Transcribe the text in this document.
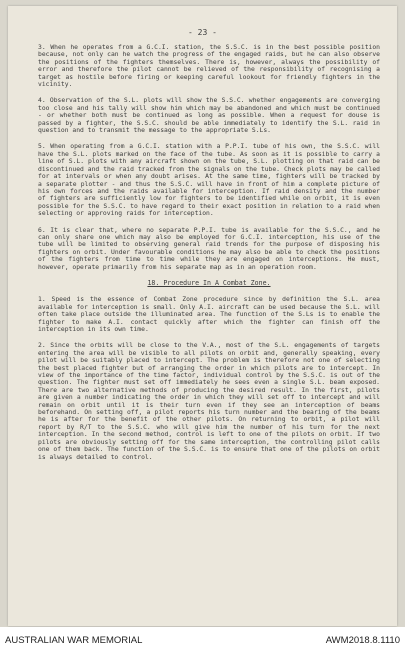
- 23 -

3. When he operates from a G.C.I. station, the S.S.C. is in the best possible position because, not only can he watch the progress of the engaged raids, but he can also observe the positions of the fighters themselves. There is, however, always the possibility of error and therefore the pilot cannot be relieved of the responsibility of recognising a target as hostile before firing or keeping careful lookout for friendly fighters in the vicinity.

4. Observation of the S.L. plots will show the S.S.C. whether engagements are converging too close and his tally will show him which may be abandoned and which must be continued - or whether both must be continued as long as possible. When a request for douse is passed by a fighter, the S.S.C. should be able immediately to identify the S.L. raid in question and to transmit the message to the appropriate S.Ls.

5. When operating from a G.C.I. station with a P.P.I. tube of his own, the S.S.C. will have the S.L. plots marked on the face of the tube. As soon as it is possible to carry a line of S.L. plots with any aircraft shown on the tube, S.L. plotting on that raid can be discontinued and the raid tracked from the signals on the tube. Check plots may be called for at intervals or when any doubt arises. At the same time, fighters will be tracked by a separate plotter - and thus the S.S.C. will have in front of him a complete picture of his own forces and the raids available for interception. If raid density and the number of fighters are sufficiently low for fighters to be identified while on orbit, it is even possible for the S.S.C. to have regard to their exact position in relation to a raid when selecting or approving raids for interception.

6. It is clear that, where no separate P.P.I. tube is available for the S.S.C., and he can only share one which may also be employed for G.C.I. interception, his use of the tube will be limited to observing general raid trends for the purpose of disposing his fighters on orbit. Under favourable conditions he may also be able to check the positions of the fighters from time to time while they are engaged on interceptions. He must, however, operate primarily from his separate map as in an operation room.

18. Procedure In A Combat Zone.

1. Speed is the essence of Combat Zone procedure since by definition the S.L. area available for interception is small. Only A.I. aircraft can be used because the S.L. will often take place outside the illuminated area. The function of the S.Ls is to enable the fighter to make A.I. contact quickly after which the fighter can finish off the interception in its own time.

2. Since the orbits will be close to the V.A., most of the S.L. engagements of targets entering the area will be visible to all pilots on orbit and, generally speaking, every pilot will be suitably placed to intercept. The problem is therefore not one of selecting the best placed fighter but of arranging the order in which pilots are to intercept. In view of the importance of the time factor, individual control by the S.S.C. is out of the question. The fighter must set off immediately he sees even a single S.L. beam exposed. There are two alternative methods of producing the desired result. In the first, pilots are given a number indicating the order in which they will set off to intercept and will remain on orbit until it is their turn even if they see an interception of beams beforehand. On setting off, a pilot reports his turn number and the bearing of the beams he is after for the benefit of the other pilots. On returning to orbit, a pilot will report by R/T to the S.S.C. who will give him the number of his turn for the next interception. In the second method, control is left to one of the pilots on orbit. If two pilots are obviously setting off for the same interception, the controlling pilot calls one of them back. The function of the S.S.C. is to ensure that one of the pilots on orbit is always detailed to control.

AUSTRALIAN WAR MEMORIAL	AWM2018.8.1110
